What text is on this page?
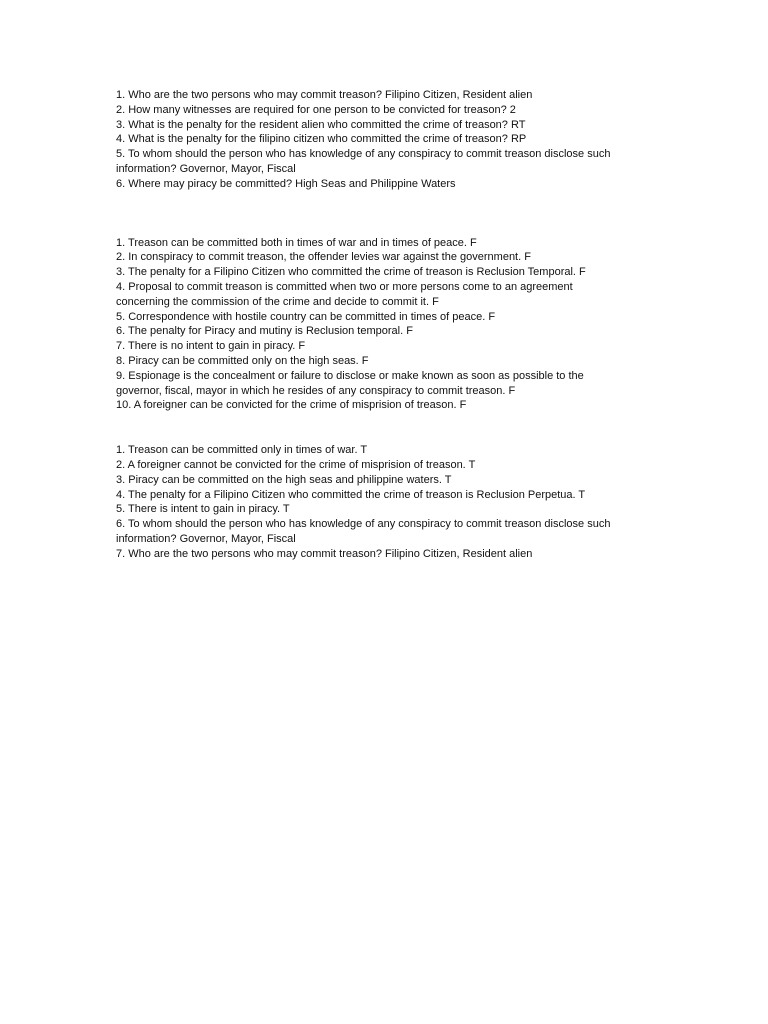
1. Who are the two persons who may commit treason? Filipino Citizen, Resident alien

2. How many witnesses are required for one person to be convicted for treason? 2

3. What is the penalty for the resident alien who committed the crime of treason? RT

4. What is the penalty for the filipino citizen who committed the crime of treason? RP

5. To whom should the person who has knowledge of any conspiracy to commit treason disclose such

information? Governor, Mayor, Fiscal

6. Where may piracy be committed? High Seas and Philippine Waters

1. Treason can be committed both in times of war and in times of peace. F

2. In conspiracy to commit treason, the offender levies war against the government. F

3. The penalty for a Filipino Citizen who committed the crime of treason is Reclusion Temporal. F

4. Proposal to commit treason is committed when two or more persons come to an agreement

concerning the commission of the crime and decide to commit it. F

5. Correspondence with hostile country can be committed in times of peace. F

6. The penalty for Piracy and mutiny is Reclusion temporal. F

7. There is no intent to gain in piracy. F

8. Piracy can be committed only on the high seas. F

9. Espionage is the concealment or failure to disclose or make known as soon as possible to the

governor, fiscal, mayor in which he resides of any conspiracy to commit treason. F

10. A foreigner can be convicted for the crime of misprision of treason. F

1. Treason can be committed only in times of war. T

2. A foreigner cannot be convicted for the crime of misprision of treason. T

3. Piracy can be committed on the high seas and philippine waters. T

4. The penalty for a Filipino Citizen who committed the crime of treason is Reclusion Perpetua. T

5. There is intent to gain in piracy. T

6. To whom should the person who has knowledge of any conspiracy to commit treason disclose such

information? Governor, Mayor, Fiscal

7. Who are the two persons who may commit treason? Filipino Citizen, Resident alien
